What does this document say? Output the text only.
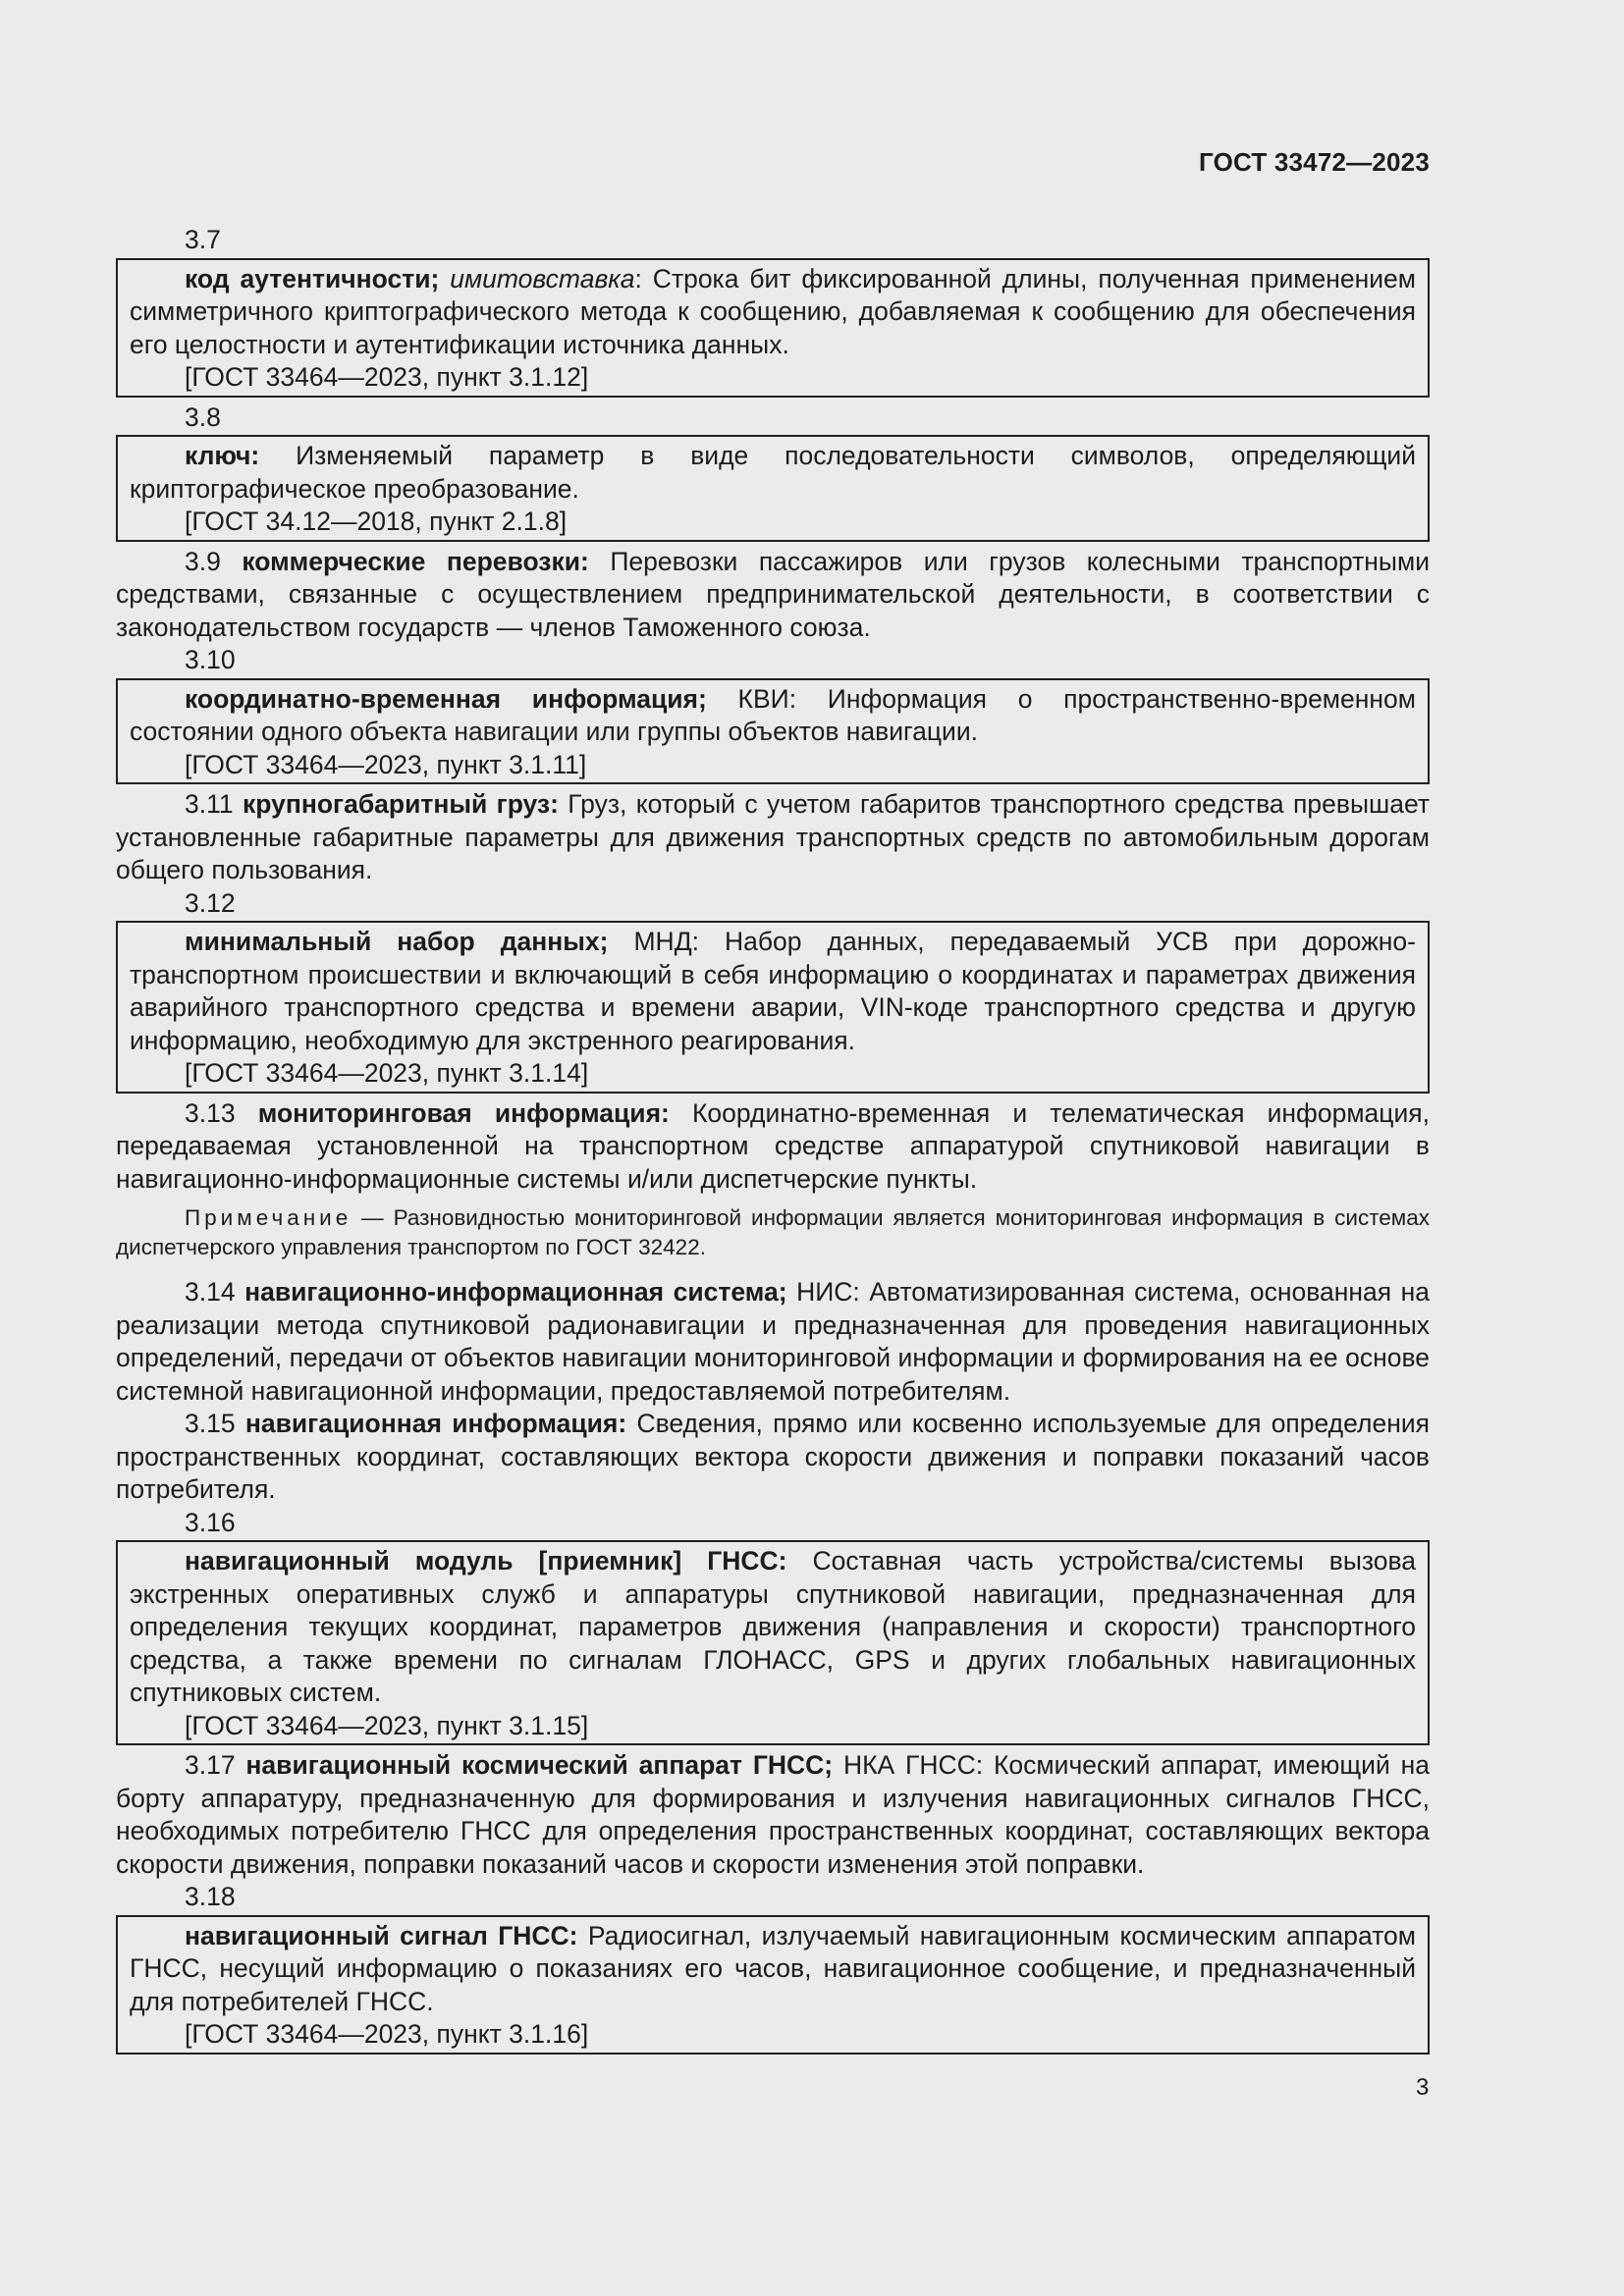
ГОСТ 33472—2023
3.7
код аутентичности; имитовставка: Строка бит фиксированной длины, полученная применением симметричного криптографического метода к сообщению, добавляемая к сообщению для обеспечения его целостности и аутентификации источника данных.
[ГОСТ 33464—2023, пункт 3.1.12]
3.8
ключ: Изменяемый параметр в виде последовательности символов, определяющий криптографическое преобразование.
[ГОСТ 34.12—2018, пункт 2.1.8]
3.9 коммерческие перевозки: Перевозки пассажиров или грузов колесными транспортными средствами, связанные с осуществлением предпринимательской деятельности, в соответствии с законодательством государств — членов Таможенного союза.
3.10
координатно-временная информация; КВИ: Информация о пространственно-временном состоянии одного объекта навигации или группы объектов навигации.
[ГОСТ 33464—2023, пункт 3.1.11]
3.11 крупногабаритный груз: Груз, который с учетом габаритов транспортного средства превышает установленные габаритные параметры для движения транспортных средств по автомобильным дорогам общего пользования.
3.12
минимальный набор данных; МНД: Набор данных, передаваемый УСВ при дорожно-транспортном происшествии и включающий в себя информацию о координатах и параметрах движения аварийного транспортного средства и времени аварии, VIN-коде транспортного средства и другую информацию, необходимую для экстренного реагирования.
[ГОСТ 33464—2023, пункт 3.1.14]
3.13 мониторинговая информация: Координатно-временная и телематическая информация, передаваемая установленной на транспортном средстве аппаратурой спутниковой навигации в навигационно-информационные системы и/или диспетчерские пункты.
Примечание — Разновидностью мониторинговой информации является мониторинговая информация в системах диспетчерского управления транспортом по ГОСТ 32422.
3.14 навигационно-информационная система; НИС: Автоматизированная система, основанная на реализации метода спутниковой радионавигации и предназначенная для проведения навигационных определений, передачи от объектов навигации мониторинговой информации и формирования на ее основе системной навигационной информации, предоставляемой потребителям.
3.15 навигационная информация: Сведения, прямо или косвенно используемые для определения пространственных координат, составляющих вектора скорости движения и поправки показаний часов потребителя.
3.16
навигационный модуль [приемник] ГНСС: Составная часть устройства/системы вызова экстренных оперативных служб и аппаратуры спутниковой навигации, предназначенная для определения текущих координат, параметров движения (направления и скорости) транспортного средства, а также времени по сигналам ГЛОНАСС, GPS и других глобальных навигационных спутниковых систем.
[ГОСТ 33464—2023, пункт 3.1.15]
3.17 навигационный космический аппарат ГНСС; НКА ГНСС: Космический аппарат, имеющий на борту аппаратуру, предназначенную для формирования и излучения навигационных сигналов ГНСС, необходимых потребителю ГНСС для определения пространственных координат, составляющих вектора скорости движения, поправки показаний часов и скорости изменения этой поправки.
3.18
навигационный сигнал ГНСС: Радиосигнал, излучаемый навигационным космическим аппаратом ГНСС, несущий информацию о показаниях его часов, навигационное сообщение, и предназначенный для потребителей ГНСС.
[ГОСТ 33464—2023, пункт 3.1.16]
3
